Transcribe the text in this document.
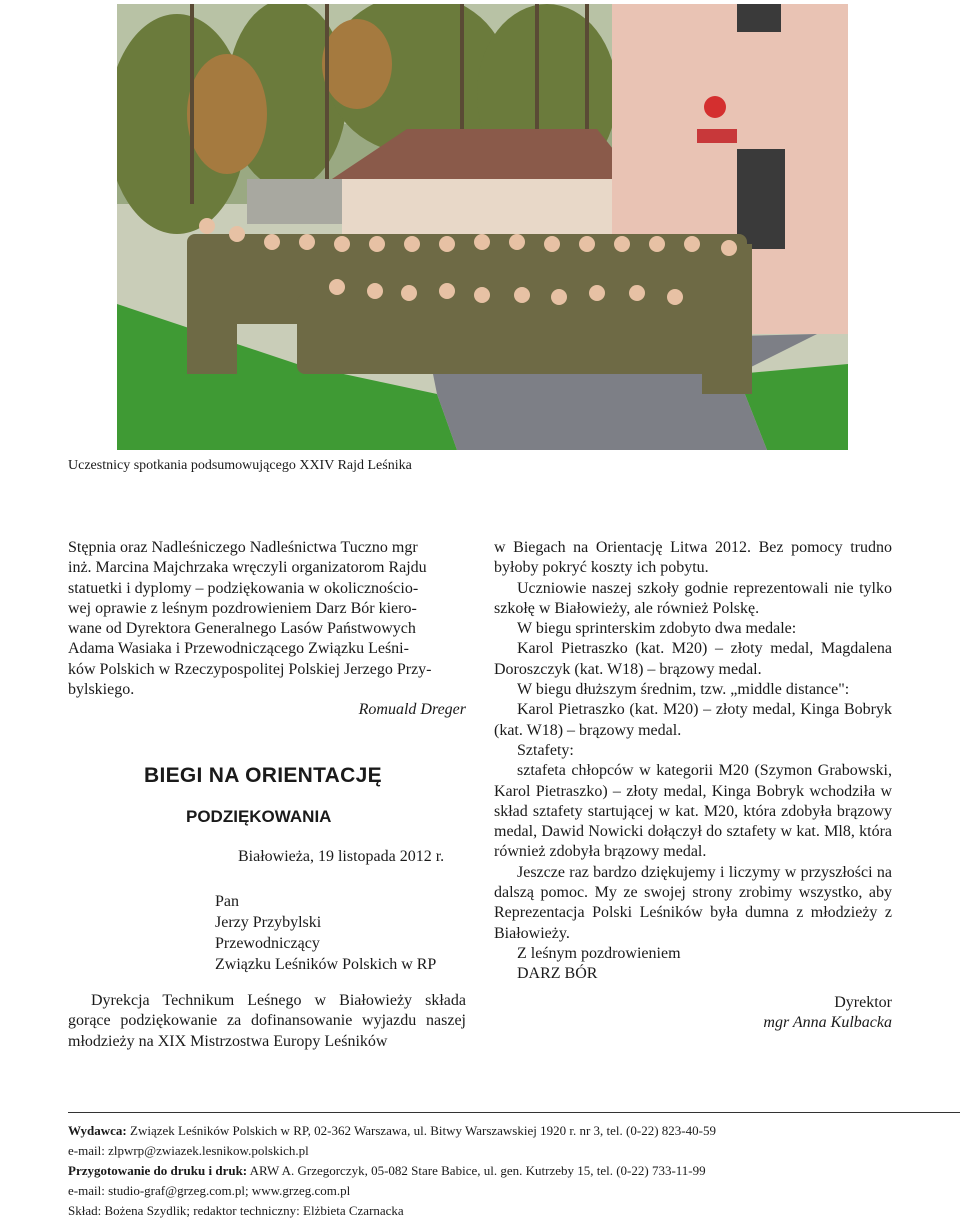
Uczestnicy spotkania podsumowującego XXIV Rajd Leśnika
Stępnia oraz Nadleśniczego Nadleśnictwa Tuczno mgr
inż. Marcina Majchrzaka wręczyli organizatorom Rajdu
statuetki i dyplomy – podziękowania w okolicznościo-
wej oprawie z leśnym pozdrowieniem Darz Bór kiero-
wane od Dyrektora Generalnego Lasów Państwowych
Adama Wasiaka i Przewodniczącego Związku Leśni-
ków Polskich w Rzeczypospolitej Polskiej Jerzego Przy-
bylskiego.
Romuald Dreger
BIEGI NA ORIENTACJĘ
PODZIĘKOWANIA
Białowieża, 19 listopada 2012 r.
Pan
Jerzy Przybylski
Przewodniczący
Związku Leśników Polskich w RP
Dyrekcja Technikum Leśnego w Białowieży składa gorące podziękowanie za dofinansowanie wyjazdu naszej młodzieży na XIX Mistrzostwa Europy Leśników

w Biegach na Orientację Litwa 2012. Bez pomocy trudno byłoby pokryć koszty ich pobytu.

Uczniowie naszej szkoły godnie reprezentowali nie tylko szkołę w Białowieży, ale również Polskę.

W biegu sprinterskim zdobyto dwa medale:

Karol Pietraszko (kat. M20) – złoty medal, Magdalena Doroszczyk (kat. W18) – brązowy medal.

W biegu dłuższym średnim, tzw. „middle distance":

Karol Pietraszko (kat. M20) – złoty medal, Kinga Bobryk (kat. W18) – brązowy medal.

Sztafety:

sztafeta chłopców w kategorii M20 (Szymon Grabowski, Karol Pietraszko) – złoty medal, Kinga Bobryk wchodziła w skład sztafety startującej w kat. M20, która zdobyła brązowy medal, Dawid Nowicki dołączył do sztafety w kat. Ml8, która również zdobyła brązowy medal.

Jeszcze raz bardzo dziękujemy i liczymy w przyszłości na dalszą pomoc. My ze swojej strony zrobimy wszystko, aby Reprezentacja Polski Leśników była dumna z młodzieży z Białowieży.

Z leśnym pozdrowieniem

DARZ BÓR

Dyrektor

mgr Anna Kulbacka

Wydawca: Związek Leśników Polskich w RP, 02-362 Warszawa, ul. Bitwy Warszawskiej 1920 r. nr 3, tel. (0-22) 823-40-59
e-mail: zlpwrp@zwiazek.lesnikow.polskich.pl
Przygotowanie do druku i druk: ARW A. Grzegorczyk, 05-082 Stare Babice, ul. gen. Kutrzeby 15, tel. (0-22) 733-11-99
e-mail: studio-graf@grzeg.com.pl; www.grzeg.com.pl
Skład: Bożena Szydlik; redaktor techniczny: Elżbieta Czarnacka
